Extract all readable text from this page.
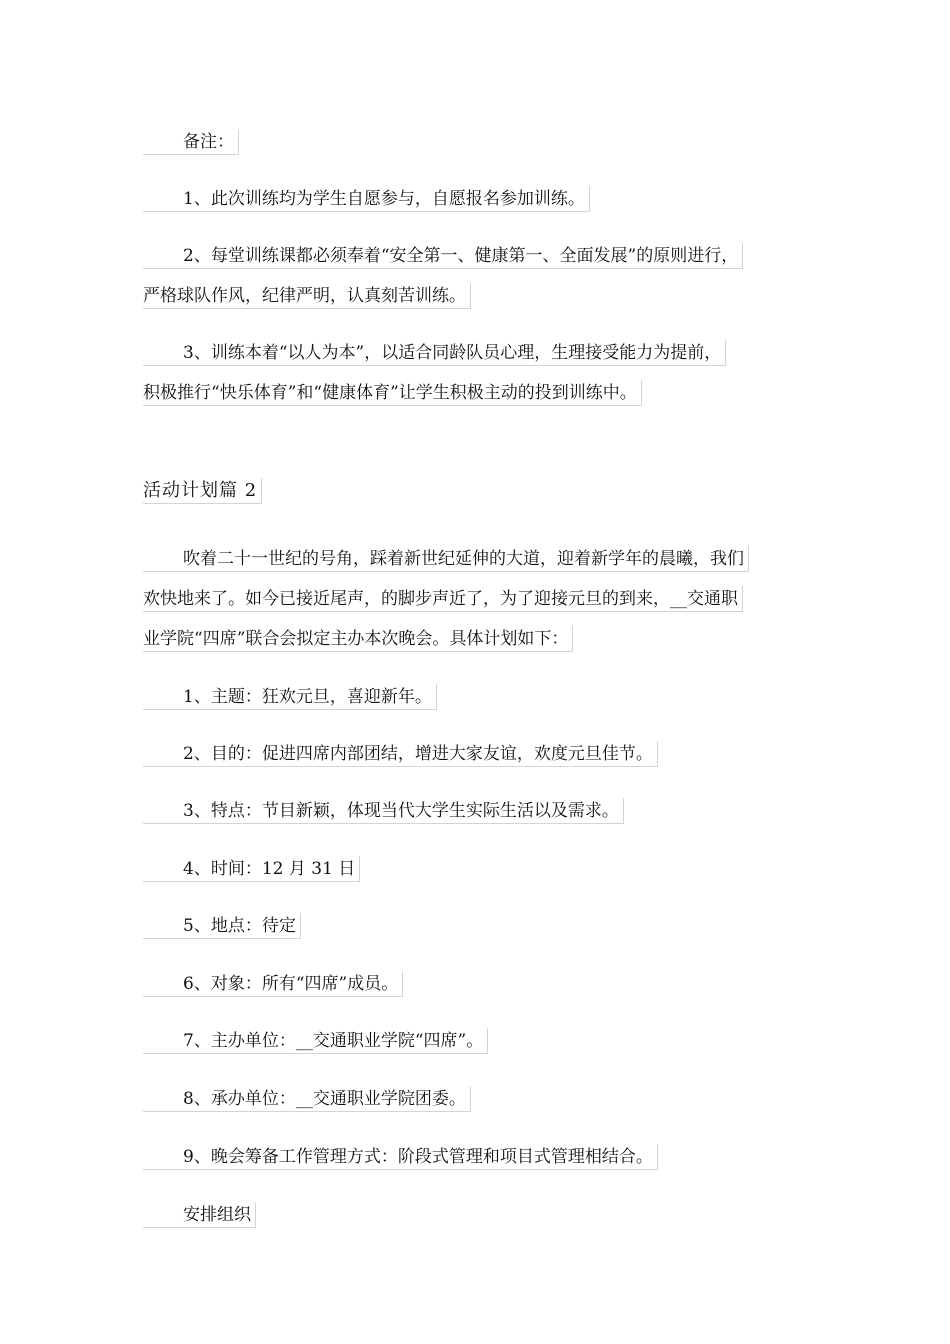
备注：
1、此次训练均为学生自愿参与，自愿报名参加训练。
2、每堂训练课都必须奉着“安全第一、健康第一、全面发展”的原则进行，
严格球队作风，纪律严明，认真刻苦训练。
3、训练本着“以人为本”，以适合同龄队员心理，生理接受能力为提前，
积极推行“快乐体育”和“健康体育”让学生积极主动的投到训练中。
活动计划篇 2
吹着二十一世纪的号角，踩着新世纪延伸的大道，迎着新学年的晨曦，我们
欢快地来了。如今已接近尾声，的脚步声近了，为了迎接元旦的到来，__交通职
业学院“四席”联合会拟定主办本次晚会。具体计划如下：
1、主题：狂欢元旦，喜迎新年。
2、目的：促进四席内部团结，增进大家友谊，欢度元旦佳节。
3、特点：节目新颖，体现当代大学生实际生活以及需求。
4、时间：12 月 31 日
5、地点：待定
6、对象：所有“四席”成员。
7、主办单位：__交通职业学院“四席”。
8、承办单位：__交通职业学院团委。
9、晚会筹备工作管理方式：阶段式管理和项目式管理相结合。
安排组织
